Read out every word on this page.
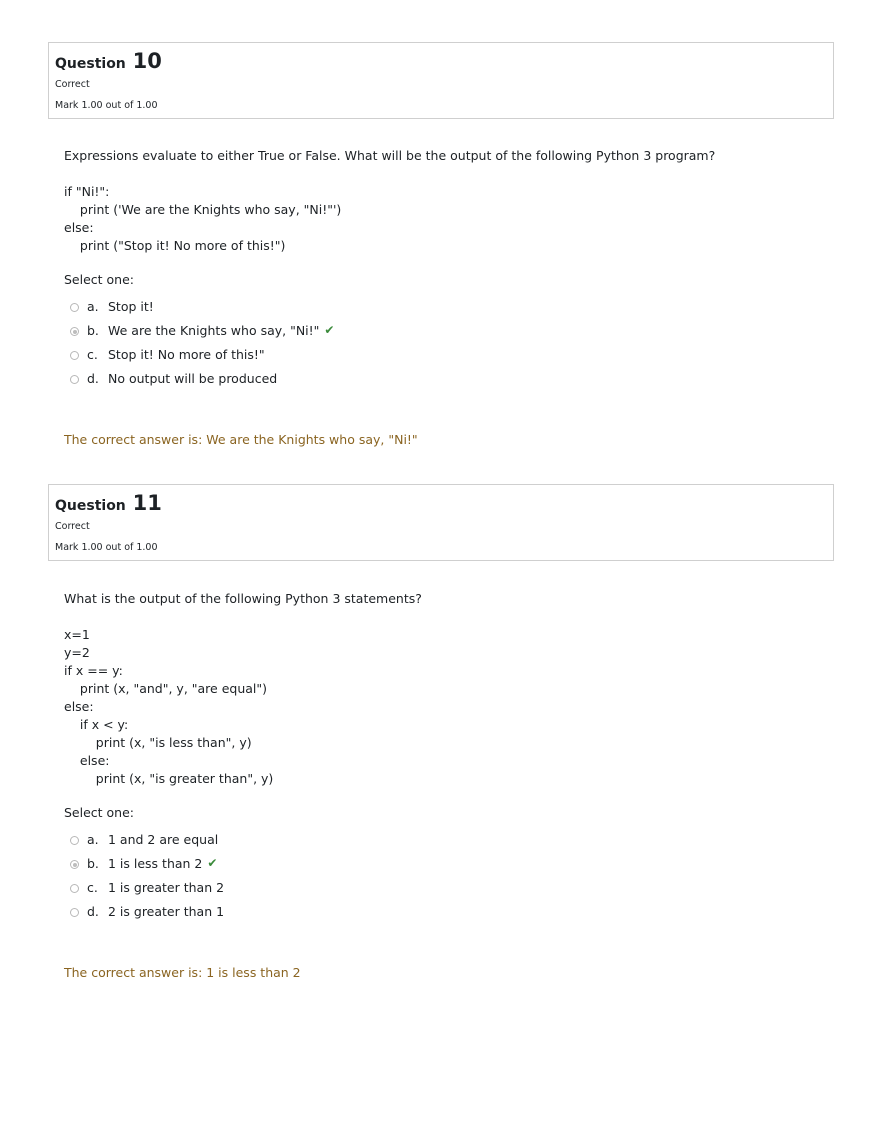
Question 10
Correct
Mark 1.00 out of 1.00
Expressions evaluate to either True or False. What will be the output of the following Python 3 program?
if "Ni!":
print ('We are the Knights who say, "Ni!"')
else:
print ("Stop it! No more of this!")
Select one:
a. Stop it!
b. We are the Knights who say, "Ni!" ✔
c. Stop it! No more of this!"
d. No output will be produced
The correct answer is: We are the Knights who say, "Ni!"
Question 11
Correct
Mark 1.00 out of 1.00
What is the output of the following Python 3 statements?
x=1
y=2
if x == y:
print (x, "and", y, "are equal")
else:
if x < y:
print (x, "is less than", y)
else:
print (x, "is greater than", y)
Select one:
a. 1 and 2 are equal
b. 1 is less than 2 ✔
c. 1 is greater than 2
d. 2 is greater than 1
The correct answer is: 1 is less than 2
